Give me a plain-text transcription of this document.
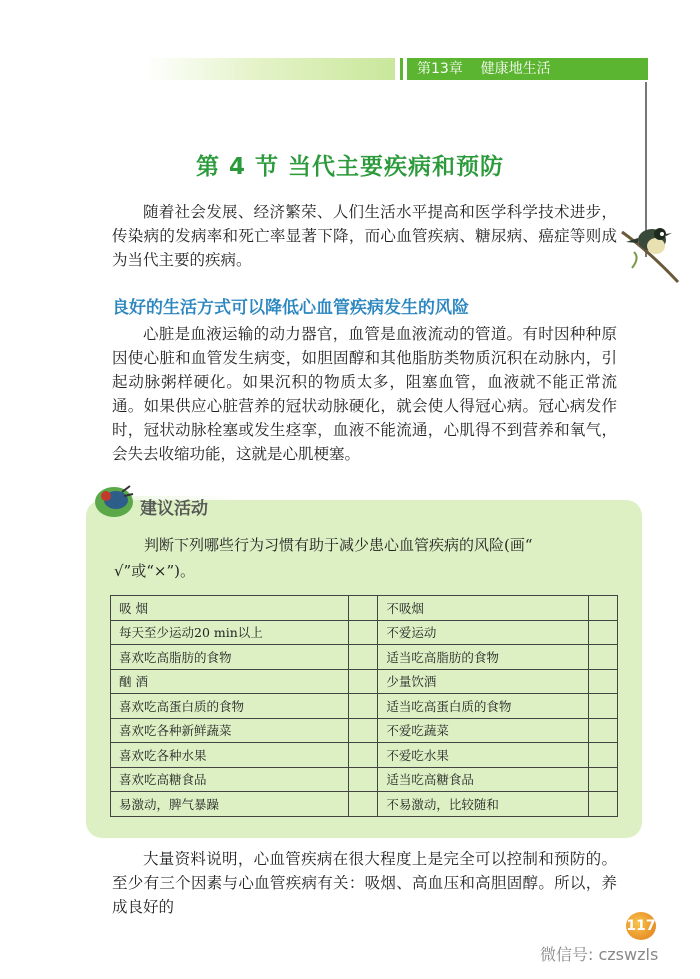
第13章    健康地生活
第 4 节 当代主要疾病和预防

随着社会发展、经济繁荣、人们生活水平提高和医学科学技术进步，传染病的发病率和死亡率显著下降，而心血管疾病、糖尿病、癌症等则成为当代主要的疾病。

良好的生活方式可以降低心血管疾病发生的风险

心脏是血液运输的动力器官，血管是血液流动的管道。有时因种种原因使心脏和血管发生病变，如胆固醇和其他脂肪类物质沉积在动脉内，引起动脉粥样硬化。如果沉积的物质太多，阻塞血管，血液就不能正常流通。如果供应心脏营养的冠状动脉硬化，就会使人得冠心病。冠心病发作时，冠状动脉栓塞或发生痉挛，血液不能流通，心肌得不到营养和氧气，会失去收缩功能，这就是心肌梗塞。

建议活动

判断下列哪些行为习惯有助于减少患心血管疾病的风险(画“ √”或“×”)。

吸 烟		不吸烟	
每天至少运动20 min以上		不爱运动	
喜欢吃高脂肪的食物		适当吃高脂肪的食物	
酗 酒		少量饮酒	
喜欢吃高蛋白质的食物		适当吃高蛋白质的食物	
喜欢吃各种新鲜蔬菜		不爱吃蔬菜	
喜欢吃各种水果		不爱吃水果	
喜欢吃高糖食品		适当吃高糖食品	
易激动，脾气暴躁		不易激动，比较随和	

大量资料说明，心血管疾病在很大程度上是完全可以控制和预防的。至少有三个因素与心血管疾病有关：吸烟、高血压和高胆固醇。所以，养成良好的

117
微信号: czswzls
